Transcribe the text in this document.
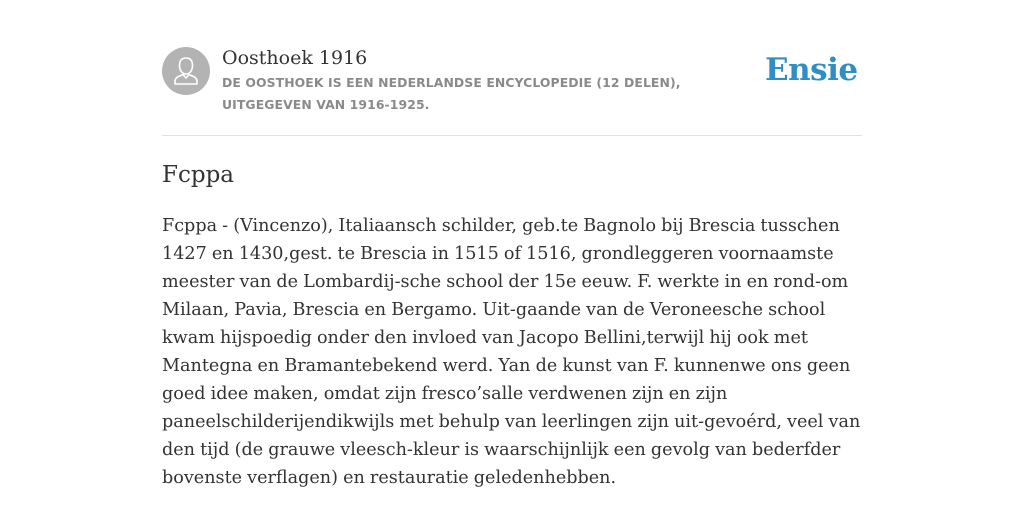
Oosthoek 1916
DE OOSTHOEK IS EEN NEDERLANDSE ENCYCLOPEDIE (12 DELEN), UITGEGEVEN VAN 1916-1925.
Ensie
Fcppa

Fcppa - (Vincenzo), Italiaansch schilder, geb.te Bagnolo bij Brescia tusschen 1427 en 1430,gest. te Brescia in 1515 of 1516, grondleggeren voornaamste meester van de Lombardij-sche school der 15e eeuw. F. werkte in en rond-om Milaan, Pavia, Brescia en Bergamo. Uit-gaande van de Veroneesche school kwam hijspoedig onder den invloed van Jacopo Bellini,terwijl hij ook met Mantegna en Bramantebekend werd. Yan de kunst van F. kunnenwe ons geen goed idee maken, omdat zijn fresco’salle verdwenen zijn en zijn paneelschilderijendikwijls met behulp van leerlingen zijn uit-gevoérd, veel van den tijd (de grauwe vleesch-kleur is waarschijnlijk een gevolg van bederfder bovenste verflagen) en restauratie geledenhebben.
